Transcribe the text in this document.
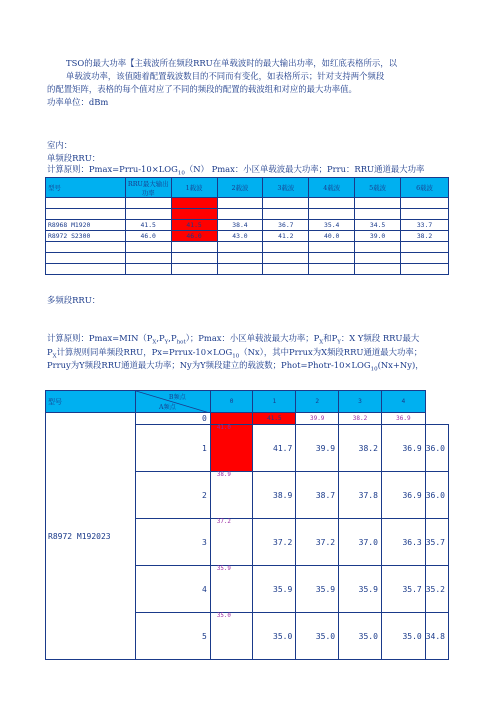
TSO的最大功率【主载波所在频段RRU在单载波时的最大输出功率，如红底表格所示，以
单载波功率，该值随着配置载波数目的不同而有变化，如表格所示；针对支持两个频段
的配置矩阵，表格的每个值对应了不同的频段的配置的载波组和对应的最大功率值。
功率单位：dBm
室内：
单频段RRU：
计算原则：$Pmax=Prru-10\times LOG_{10}(N)$ Pmax：小区单载波最大功率；Prru：RRU通道最大功率
型号	RRU最大输出功率	1载波	2载波	3载波	4载波	5载波	6载波

R8968 M1920	41.5	41.5	38.4	36.7	35.4	34.5	33.7
R8972 S2300	46.0	46.0	43.0	41.2	40.0	39.0	38.2

多频段RRU：
计算原则：$Pmax=MIN(P_X,P_Y,P_{hot})$；Pmax：小区单载波最大功率；$P_X$和$P_Y$：X Y频段 RRU最大
$P_X$计算规则同单频段RRU，$Px=Prrux-10\times LOG_{10}(Nx)$，其中Prrux为X频段RRU通道最大功率；
Prruy为Y频段RRU通道最大功率；Ny为Y频段建立的载波数；$Phot=Photr-10\times LOG_{10}(Nx+Ny)$，
型号	B频点
A频点	0	1	2	3	4	
R8972 M192023	0		41.5	39.9	38.2	36.9	
	1	41.0	41.7	39.9	38.2	36.9	36.0
	2	38.9	38.9	38.7	37.8	36.9	36.0
	3	37.2	37.2	37.2	37.0	36.3	35.7
	4	35.9	35.9	35.9	35.9	35.7	35.2
	5	35.0	35.0	35.0	35.0	35.0	34.8
